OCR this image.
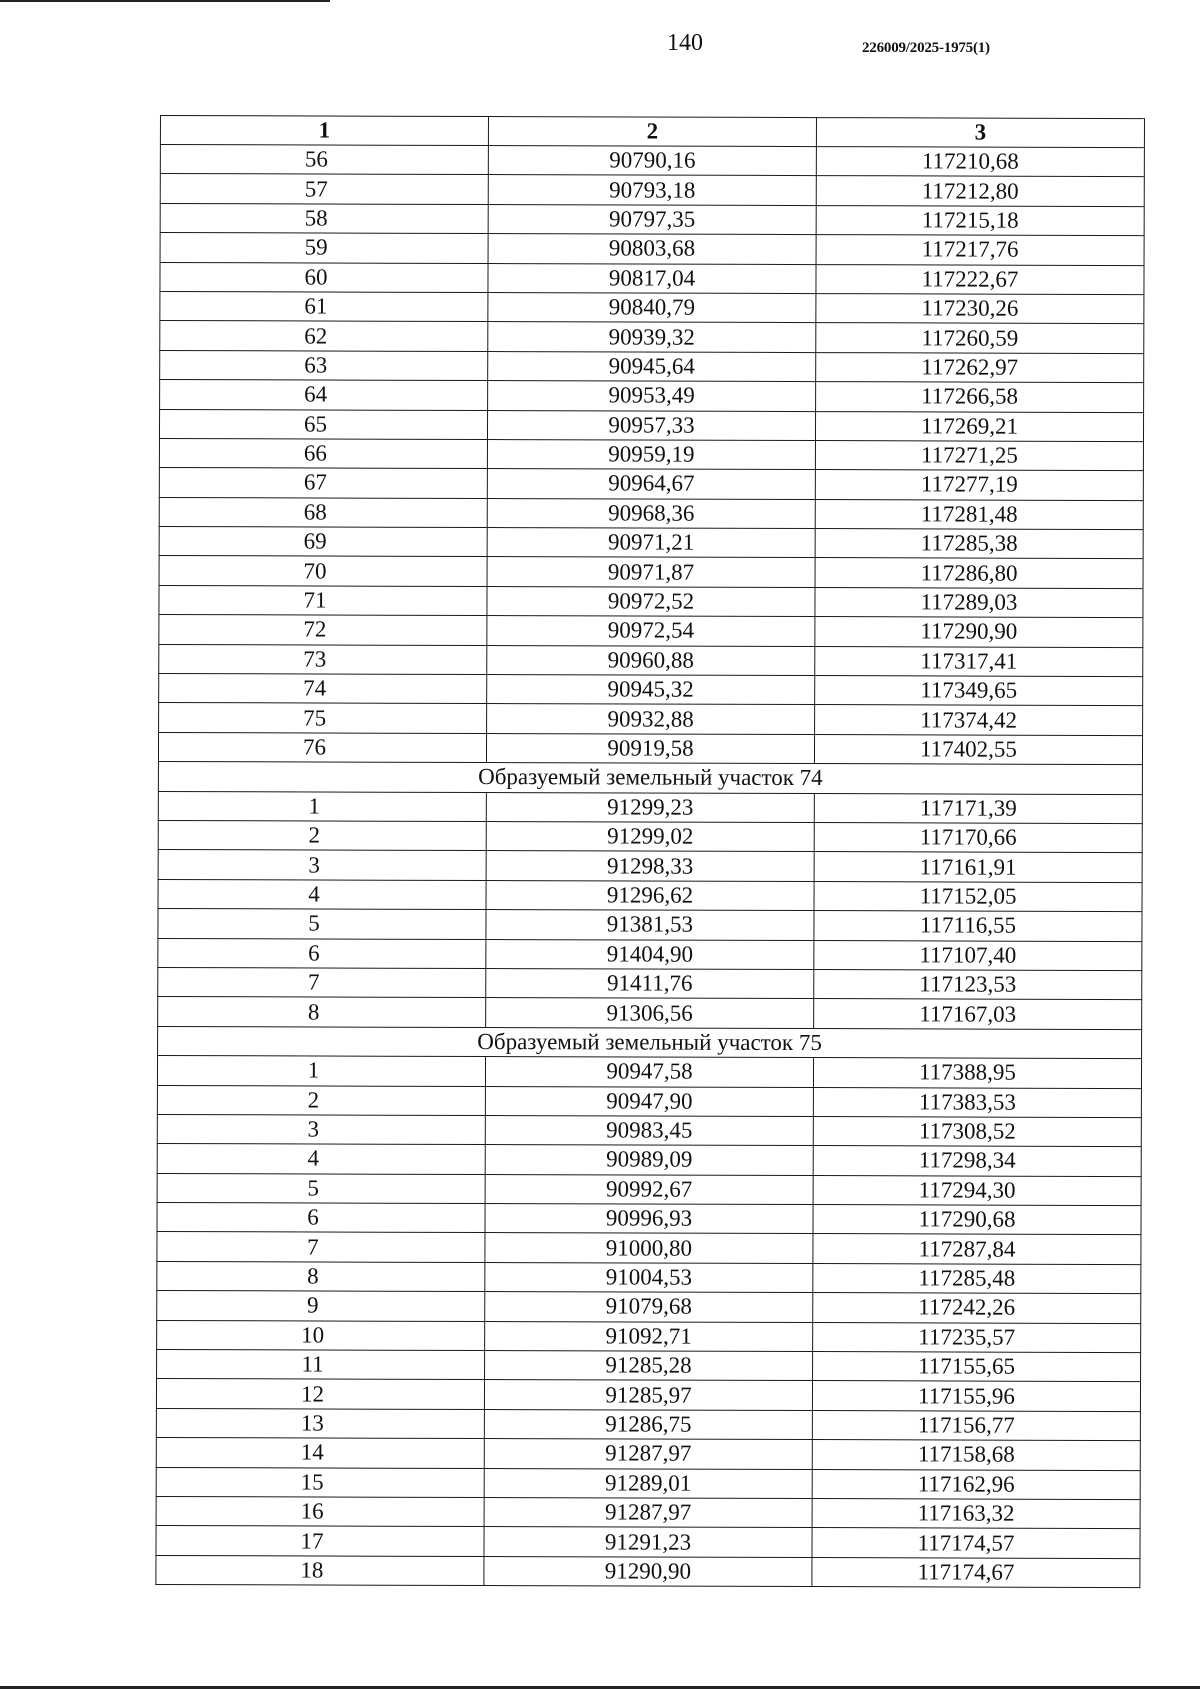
140	226009/2025-1975(1)
1	2	3
56	90790,16	117210,68
57	90793,18	117212,80
58	90797,35	117215,18
59	90803,68	117217,76
60	90817,04	117222,67
61	90840,79	117230,26
62	90939,32	117260,59
63	90945,64	117262,97
64	90953,49	117266,58
65	90957,33	117269,21
66	90959,19	117271,25
67	90964,67	117277,19
68	90968,36	117281,48
69	90971,21	117285,38
70	90971,87	117286,80
71	90972,52	117289,03
72	90972,54	117290,90
73	90960,88	117317,41
74	90945,32	117349,65
75	90932,88	117374,42
76	90919,58	117402,55
Образуемый земельный участок 74		
1	91299,23	117171,39
2	91299,02	117170,66
3	91298,33	117161,91
4	91296,62	117152,05
5	91381,53	117116,55
6	91404,90	117107,40
7	91411,76	117123,53
8	91306,56	117167,03
Образуемый земельный участок 75		
1	90947,58	117388,95
2	90947,90	117383,53
3	90983,45	117308,52
4	90989,09	117298,34
5	90992,67	117294,30
6	90996,93	117290,68
7	91000,80	117287,84
8	91004,53	117285,48
9	91079,68	117242,26
10	91092,71	117235,57
11	91285,28	117155,65
12	91285,97	117155,96
13	91286,75	117156,77
14	91287,97	117158,68
15	91289,01	117162,96
16	91287,97	117163,32
17	91291,23	117174,57
18	91290,90	117174,67
